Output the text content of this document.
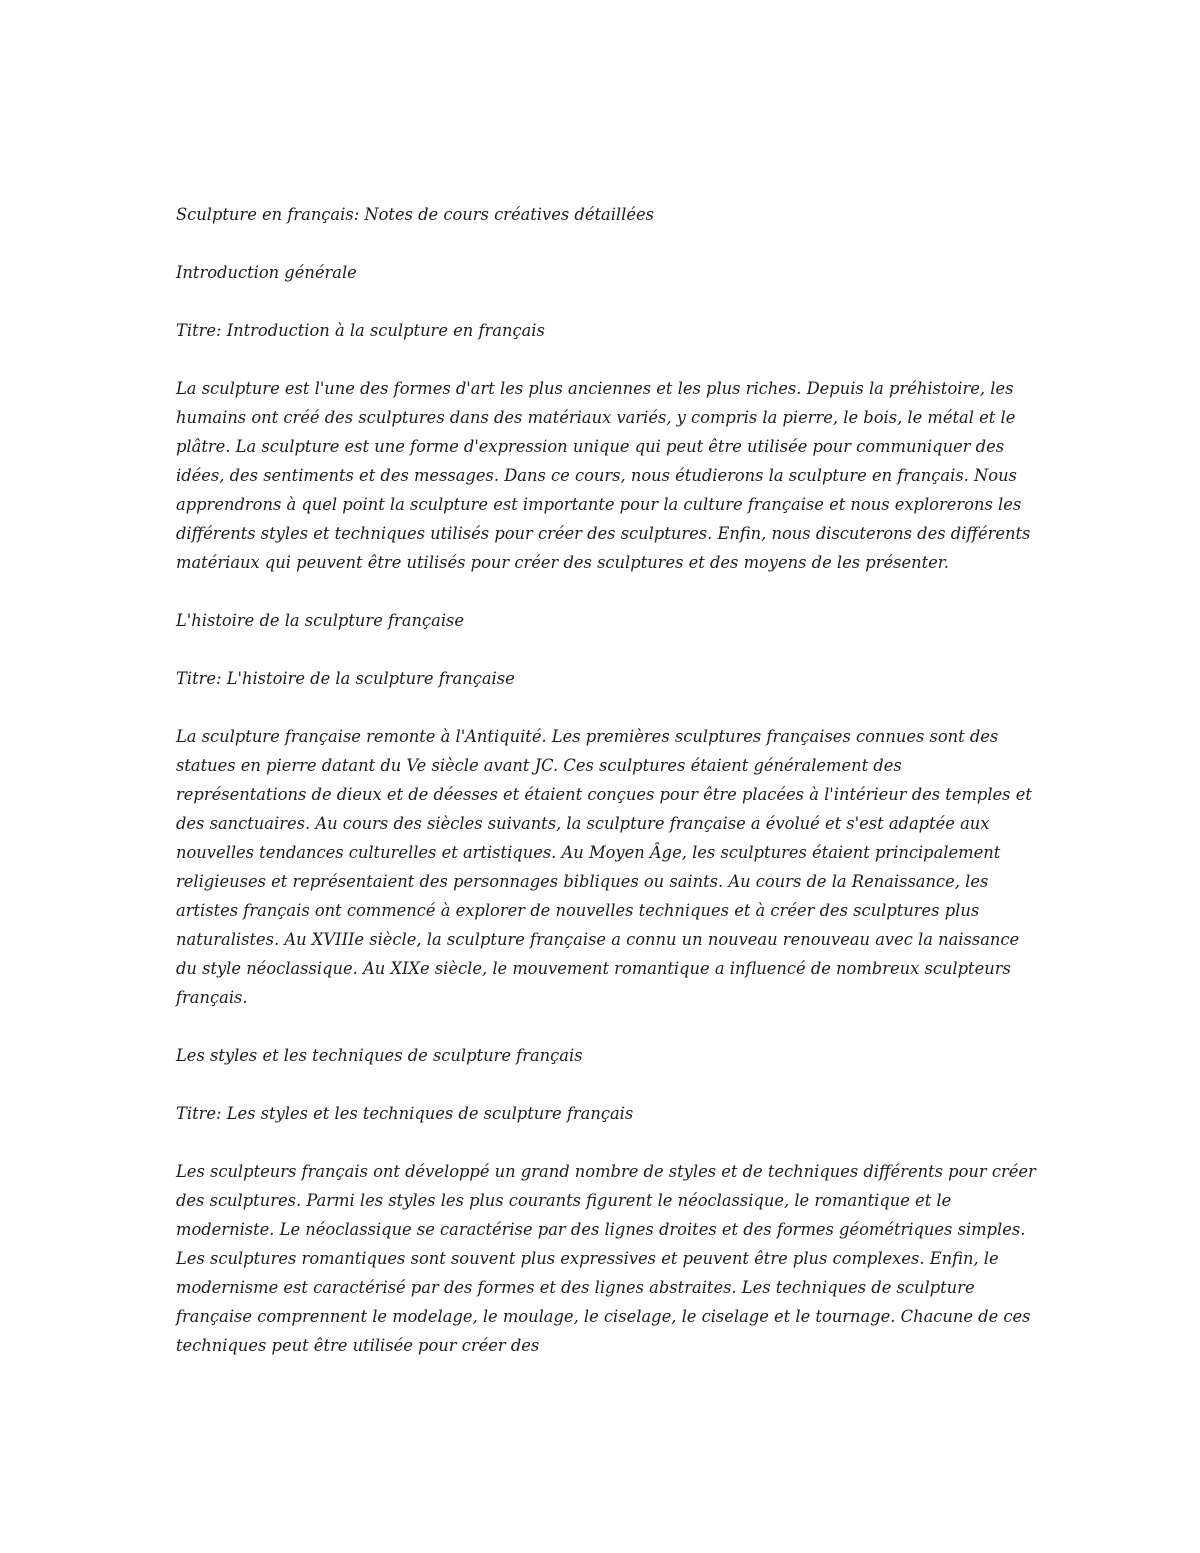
Sculpture en français: Notes de cours créatives détaillées

Introduction générale

Titre: Introduction à la sculpture en français

La sculpture est l'une des formes d'art les plus anciennes et les plus riches. Depuis la préhistoire, les humains ont créé des sculptures dans des matériaux variés, y compris la pierre, le bois, le métal et le plâtre. La sculpture est une forme d'expression unique qui peut être utilisée pour communiquer des idées, des sentiments et des messages. Dans ce cours, nous étudierons la sculpture en français. Nous apprendrons à quel point la sculpture est importante pour la culture française et nous explorerons les différents styles et techniques utilisés pour créer des sculptures. Enfin, nous discuterons des différents matériaux qui peuvent être utilisés pour créer des sculptures et des moyens de les présenter.

L'histoire de la sculpture française

Titre: L'histoire de la sculpture française

La sculpture française remonte à l'Antiquité. Les premières sculptures françaises connues sont des statues en pierre datant du Ve siècle avant JC. Ces sculptures étaient généralement des représentations de dieux et de déesses et étaient conçues pour être placées à l'intérieur des temples et des sanctuaires. Au cours des siècles suivants, la sculpture française a évolué et s'est adaptée aux nouvelles tendances culturelles et artistiques. Au Moyen Âge, les sculptures étaient principalement religieuses et représentaient des personnages bibliques ou saints. Au cours de la Renaissance, les artistes français ont commencé à explorer de nouvelles techniques et à créer des sculptures plus naturalistes. Au XVIIIe siècle, la sculpture française a connu un nouveau renouveau avec la naissance du style néoclassique. Au XIXe siècle, le mouvement romantique a influencé de nombreux sculpteurs français.

Les styles et les techniques de sculpture français

Titre: Les styles et les techniques de sculpture français

Les sculpteurs français ont développé un grand nombre de styles et de techniques différents pour créer des sculptures. Parmi les styles les plus courants figurent le néoclassique, le romantique et le moderniste. Le néoclassique se caractérise par des lignes droites et des formes géométriques simples. Les sculptures romantiques sont souvent plus expressives et peuvent être plus complexes. Enfin, le modernisme est caractérisé par des formes et des lignes abstraites. Les techniques de sculpture française comprennent le modelage, le moulage, le ciselage, le ciselage et le tournage. Chacune de ces techniques peut être utilisée pour créer des
